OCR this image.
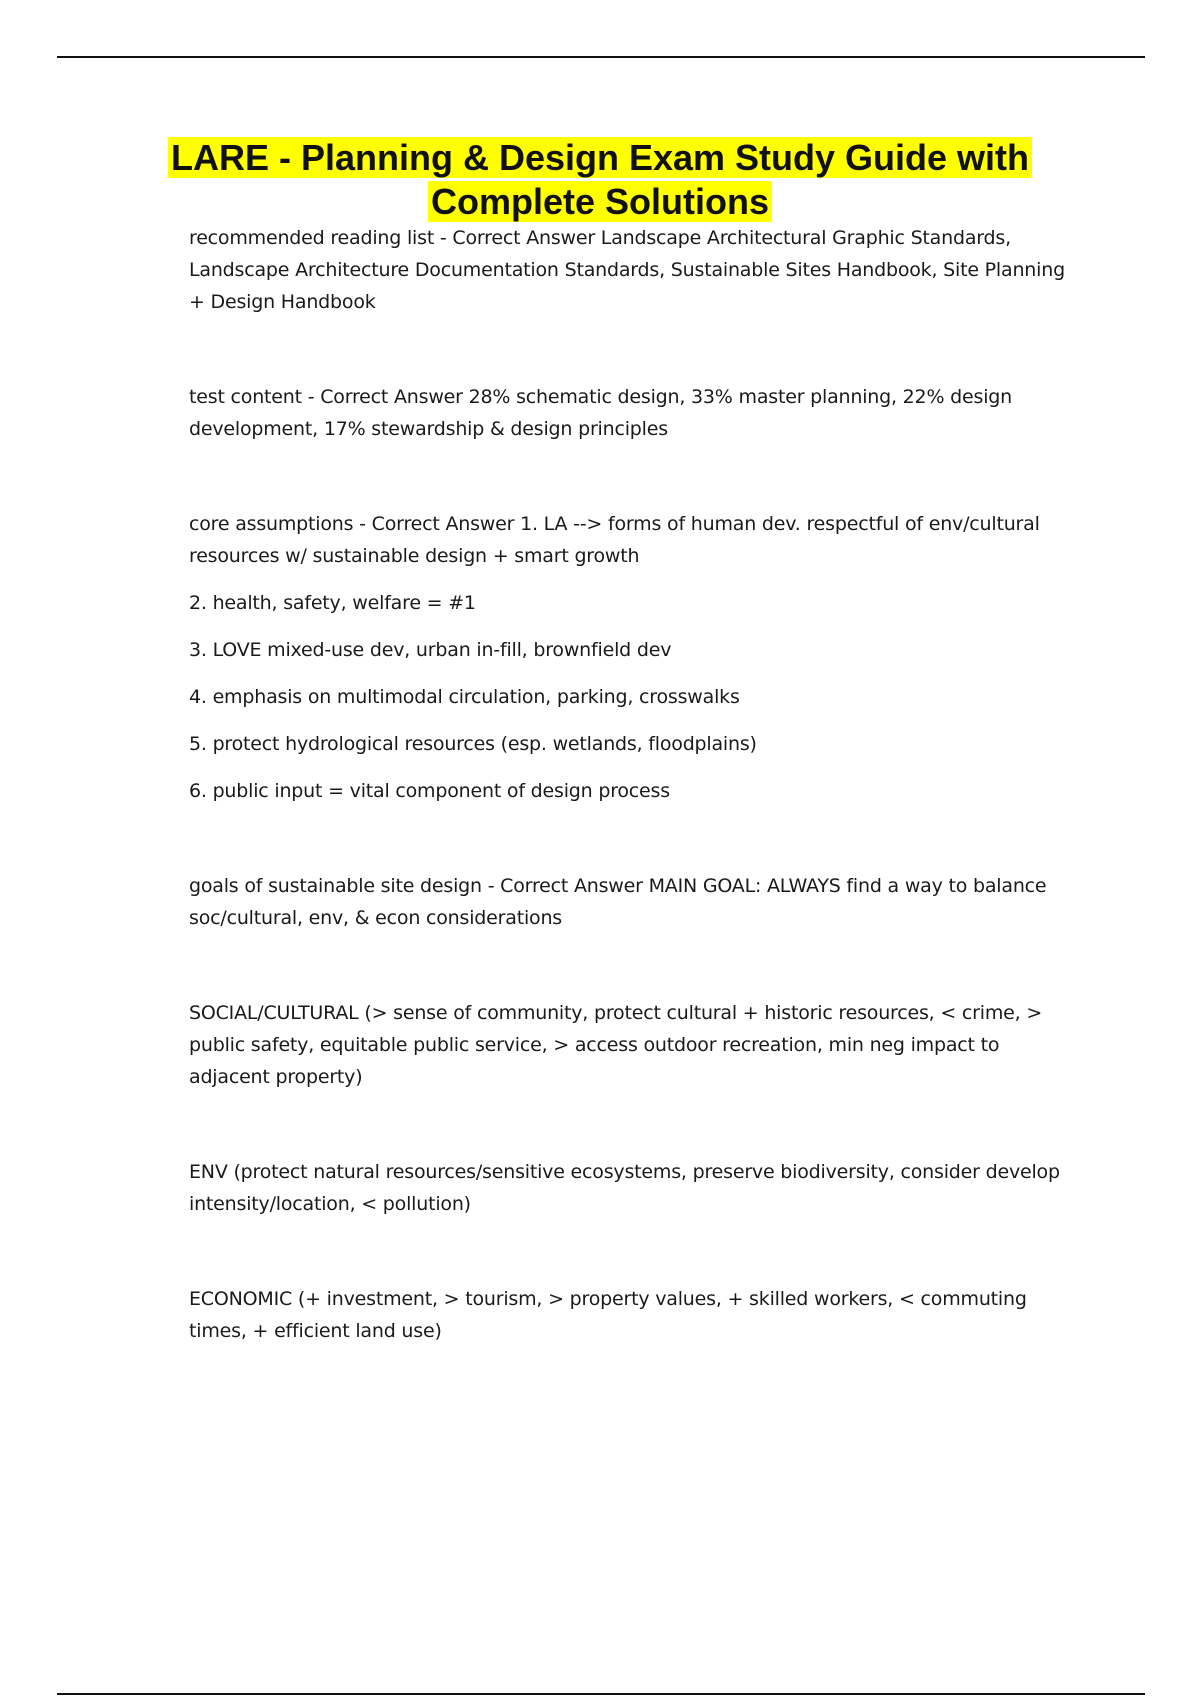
LARE - Planning & Design Exam Study Guide with Complete Solutions

recommended reading list - Correct Answer Landscape Architectural Graphic Standards, Landscape Architecture Documentation Standards, Sustainable Sites Handbook, Site Planning + Design Handbook

test content - Correct Answer 28% schematic design, 33% master planning, 22% design development, 17% stewardship & design principles

core assumptions - Correct Answer 1. LA --> forms of human dev. respectful of env/cultural resources w/ sustainable design + smart growth

2. health, safety, welfare = #1

3. LOVE mixed-use dev, urban in-fill, brownfield dev

4. emphasis on multimodal circulation, parking, crosswalks

5. protect hydrological resources (esp. wetlands, floodplains)

6. public input = vital component of design process

goals of sustainable site design - Correct Answer MAIN GOAL: ALWAYS find a way to balance soc/cultural, env, & econ considerations

SOCIAL/CULTURAL (> sense of community, protect cultural + historic resources, < crime, > public safety, equitable public service, > access outdoor recreation, min neg impact to adjacent property)

ENV (protect natural resources/sensitive ecosystems, preserve biodiversity, consider develop intensity/location, < pollution)

ECONOMIC (+ investment, > tourism, > property values, + skilled workers, < commuting times, + efficient land use)
